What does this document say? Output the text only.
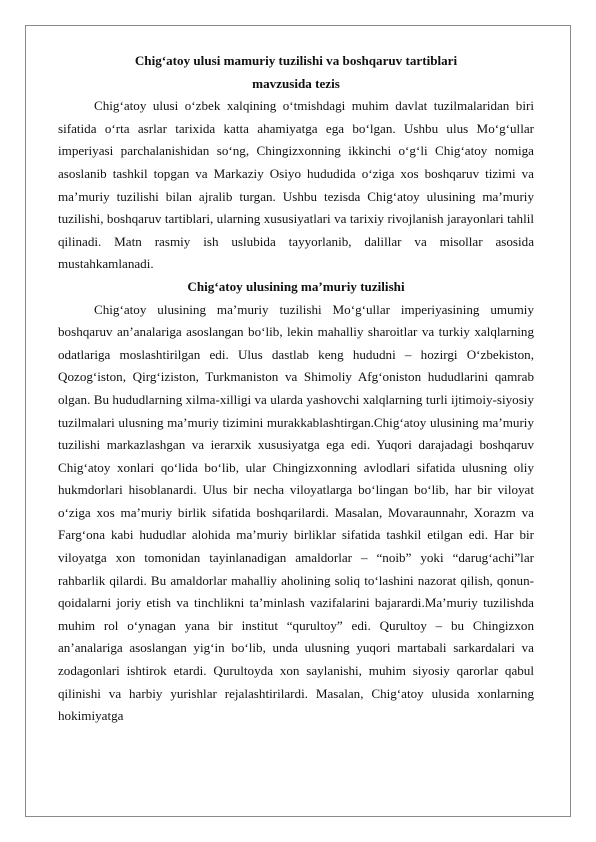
Chig‘atoy ulusi mamuriy tuzilishi va boshqaruv tartiblari

mavzusida tezis

Chig‘atoy ulusi o‘zbek xalqining o‘tmishdagi muhim davlat tuzilmalaridan biri sifatida o‘rta asrlar tarixida katta ahamiyatga ega bo‘lgan. Ushbu ulus Mo‘g‘ullar imperiyasi parchalanishidan so‘ng, Chingizxonning ikkinchi o‘g‘li Chig‘atoy nomiga asoslanib tashkil topgan va Markaziy Osiyo hududida o‘ziga xos boshqaruv tizimi va ma’muriy tuzilishi bilan ajralib turgan. Ushbu tezisda Chig‘atoy ulusining ma’muriy tuzilishi, boshqaruv tartiblari, ularning xususiyatlari va tarixiy rivojlanish jarayonlari tahlil qilinadi. Matn rasmiy ish uslubida tayyorlanib, dalillar va misollar asosida mustahkamlanadi.

Chig‘atoy ulusining ma’muriy tuzilishi

Chig‘atoy ulusining ma’muriy tuzilishi Mo‘g‘ullar imperiyasining umumiy boshqaruv an’analariga asoslangan bo‘lib, lekin mahalliy sharoitlar va turkiy xalqlarning odatlariga moslashtirilgan edi. Ulus dastlab keng hududni – hozirgi O‘zbekiston, Qozog‘iston, Qirg‘iziston, Turkmaniston va Shimoliy Afg‘oniston hududlarini qamrab olgan. Bu hududlarning xilma-xilligi va ularda yashovchi xalqlarning turli ijtimoiy-siyosiy tuzilmalari ulusning ma’muriy tizimini murakkablashtirgan.Chig‘atoy ulusining ma’muriy tuzilishi markazlashgan va ierarxik xususiyatga ega edi. Yuqori darajadagi boshqaruv Chig‘atoy xonlari qo‘lida bo‘lib, ular Chingizxonning avlodlari sifatida ulusning oliy hukmdorlari hisoblanardi. Ulus bir necha viloyatlarga bo‘lingan bo‘lib, har bir viloyat o‘ziga xos ma’muriy birlik sifatida boshqarilardi. Masalan, Movaraunnahr, Xorazm va Farg‘ona kabi hududlar alohida ma’muriy birliklar sifatida tashkil etilgan edi. Har bir viloyatga xon tomonidan tayinlanadigan amaldorlar – “noib” yoki “darug‘achi”lar rahbarlik qilardi. Bu amaldorlar mahalliy aholining soliq to‘lashini nazorat qilish, qonun-qoidalarni joriy etish va tinchlikni ta’minlash vazifalarini bajarardi.Ma’muriy tuzilishda muhim rol o‘ynagan yana bir institut “qurultoy” edi. Qurultoy – bu Chingizxon an’analariga asoslangan yig‘in bo‘lib, unda ulusning yuqori martabali sarkardalari va zodagonlari ishtirok etardi. Qurultoyda xon saylanishi, muhim siyosiy qarorlar qabul qilinishi va harbiy yurishlar rejalashtirilardi. Masalan, Chig‘atoy ulusida xonlarning hokimiyatga
